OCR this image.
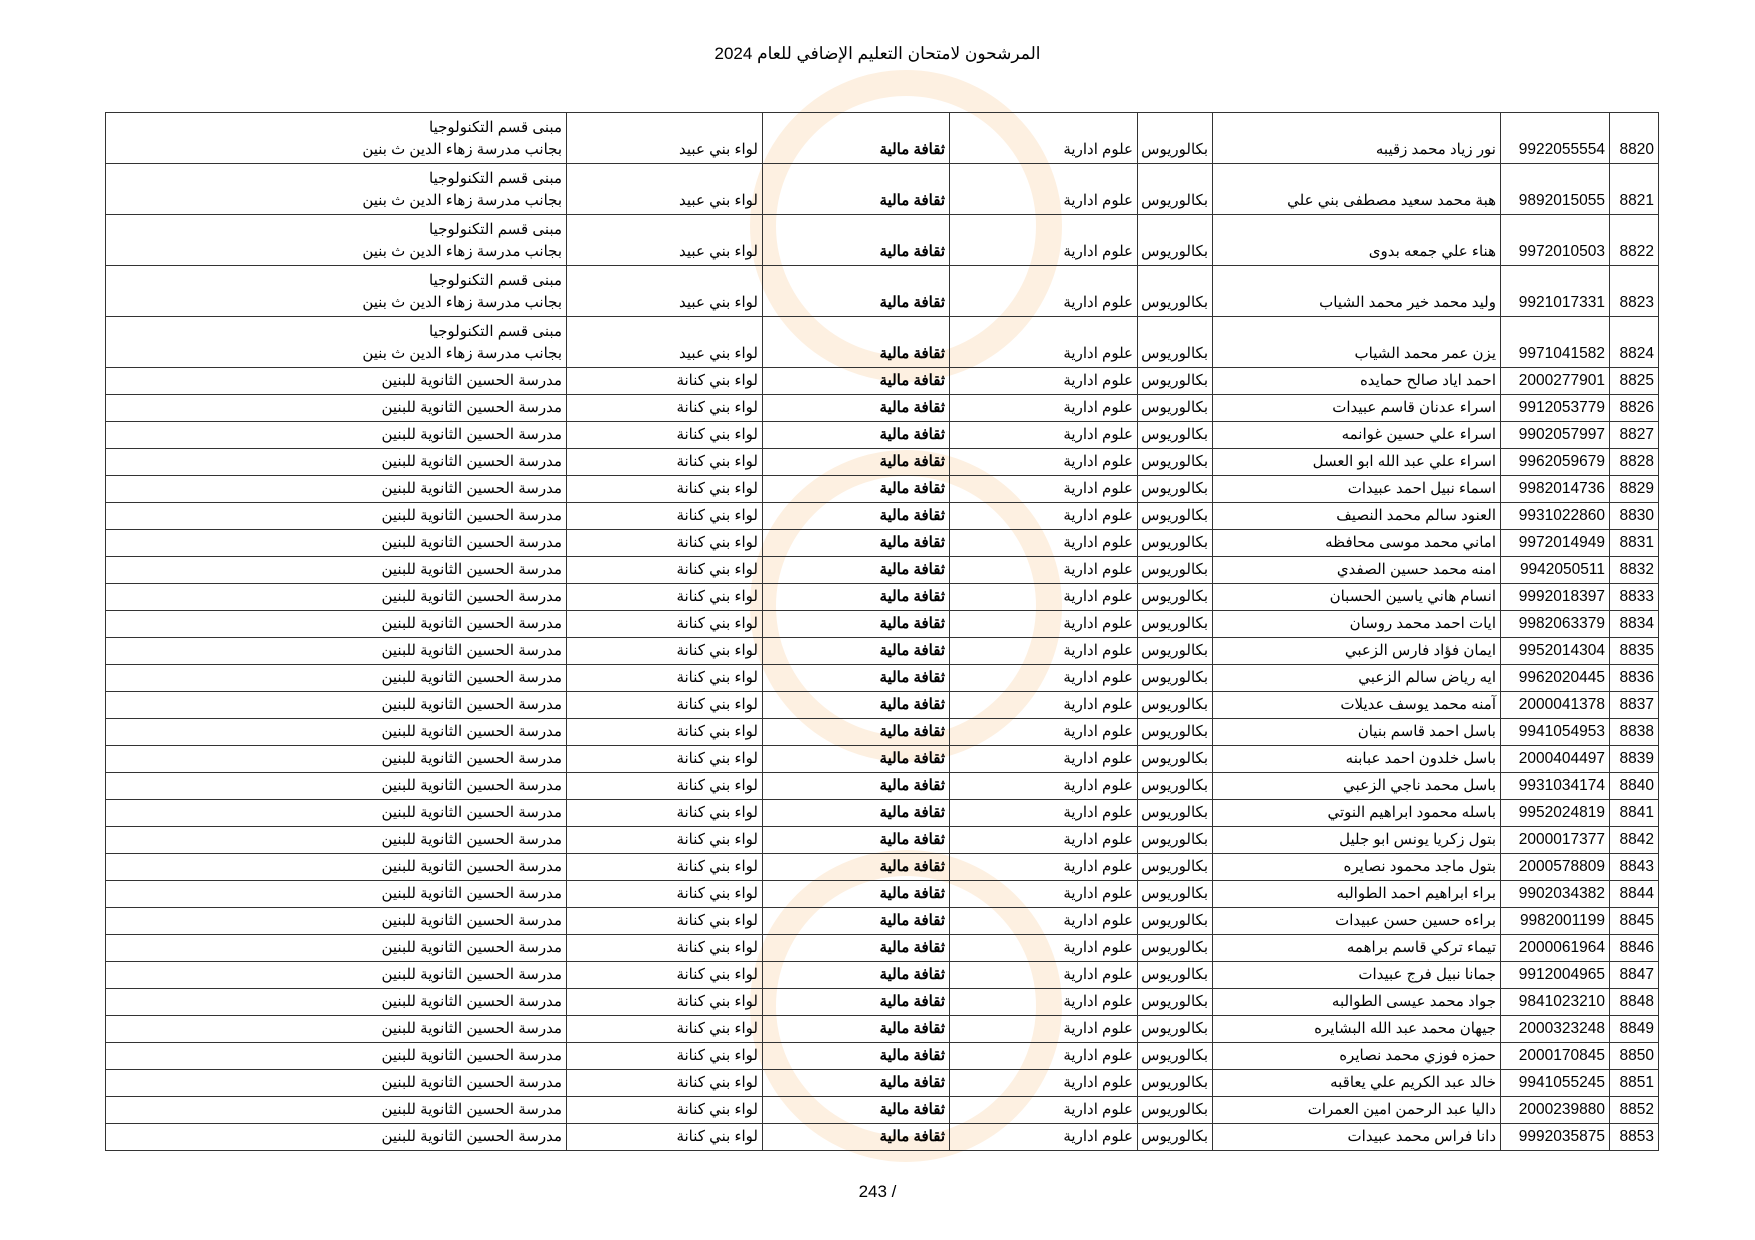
المرشحون لامتحان التعليم الإضافي للعام 2024
8820	9922055554	نور زياد محمد زقيبه	بكالوريوس	علوم ادارية	ثقافة مالية	لواء بني عبيد	مبنى قسم التكنولوجيا
بجانب مدرسة زهاء الدين ث بنين

8821	9892015055	هبة محمد سعيد مصطفى بني علي	بكالوريوس	علوم ادارية	ثقافة مالية	لواء بني عبيد	مبنى قسم التكنولوجيا
بجانب مدرسة زهاء الدين ث بنين

8822	9972010503	هناء علي جمعه بدوى	بكالوريوس	علوم ادارية	ثقافة مالية	لواء بني عبيد	مبنى قسم التكنولوجيا
بجانب مدرسة زهاء الدين ث بنين

8823	9921017331	وليد محمد خير محمد الشياب	بكالوريوس	علوم ادارية	ثقافة مالية	لواء بني عبيد	مبنى قسم التكنولوجيا
بجانب مدرسة زهاء الدين ث بنين

8824	9971041582	يزن عمر محمد الشياب	بكالوريوس	علوم ادارية	ثقافة مالية	لواء بني عبيد	مبنى قسم التكنولوجيا
بجانب مدرسة زهاء الدين ث بنين

8825	2000277901	احمد اياد صالح حمايده	بكالوريوس	علوم ادارية	ثقافة مالية	لواء بني كنانة	مدرسة الحسين الثانوية للبنين

8826	9912053779	اسراء عدنان قاسم عبيدات	بكالوريوس	علوم ادارية	ثقافة مالية	لواء بني كنانة	مدرسة الحسين الثانوية للبنين

8827	9902057997	اسراء علي حسين غوانمه	بكالوريوس	علوم ادارية	ثقافة مالية	لواء بني كنانة	مدرسة الحسين الثانوية للبنين

8828	9962059679	اسراء علي عبد الله ابو العسل	بكالوريوس	علوم ادارية	ثقافة مالية	لواء بني كنانة	مدرسة الحسين الثانوية للبنين

8829	9982014736	اسماء نبيل احمد عبيدات	بكالوريوس	علوم ادارية	ثقافة مالية	لواء بني كنانة	مدرسة الحسين الثانوية للبنين

8830	9931022860	العنود سالم محمد النصيف	بكالوريوس	علوم ادارية	ثقافة مالية	لواء بني كنانة	مدرسة الحسين الثانوية للبنين

8831	9972014949	اماني محمد موسى محافظه	بكالوريوس	علوم ادارية	ثقافة مالية	لواء بني كنانة	مدرسة الحسين الثانوية للبنين

8832	9942050511	امنه محمد حسين الصفدي	بكالوريوس	علوم ادارية	ثقافة مالية	لواء بني كنانة	مدرسة الحسين الثانوية للبنين

8833	9992018397	انسام هاني ياسين الحسبان	بكالوريوس	علوم ادارية	ثقافة مالية	لواء بني كنانة	مدرسة الحسين الثانوية للبنين

8834	9982063379	ايات احمد محمد روسان	بكالوريوس	علوم ادارية	ثقافة مالية	لواء بني كنانة	مدرسة الحسين الثانوية للبنين

8835	9952014304	ايمان فؤاد فارس الزعبي	بكالوريوس	علوم ادارية	ثقافة مالية	لواء بني كنانة	مدرسة الحسين الثانوية للبنين

8836	9962020445	ايه رياض سالم الزعبي	بكالوريوس	علوم ادارية	ثقافة مالية	لواء بني كنانة	مدرسة الحسين الثانوية للبنين

8837	2000041378	آمنه محمد يوسف عديلات	بكالوريوس	علوم ادارية	ثقافة مالية	لواء بني كنانة	مدرسة الحسين الثانوية للبنين

8838	9941054953	باسل احمد قاسم بنيان	بكالوريوس	علوم ادارية	ثقافة مالية	لواء بني كنانة	مدرسة الحسين الثانوية للبنين

8839	2000404497	باسل خلدون احمد عبابنه	بكالوريوس	علوم ادارية	ثقافة مالية	لواء بني كنانة	مدرسة الحسين الثانوية للبنين

8840	9931034174	باسل محمد ناجي الزعبي	بكالوريوس	علوم ادارية	ثقافة مالية	لواء بني كنانة	مدرسة الحسين الثانوية للبنين

8841	9952024819	باسله محمود ابراهيم النوتي	بكالوريوس	علوم ادارية	ثقافة مالية	لواء بني كنانة	مدرسة الحسين الثانوية للبنين

8842	2000017377	بتول زكريا يونس ابو جليل	بكالوريوس	علوم ادارية	ثقافة مالية	لواء بني كنانة	مدرسة الحسين الثانوية للبنين

8843	2000578809	بتول ماجد محمود نصايره	بكالوريوس	علوم ادارية	ثقافة مالية	لواء بني كنانة	مدرسة الحسين الثانوية للبنين

8844	9902034382	براء ابراهيم احمد الطوالبه	بكالوريوس	علوم ادارية	ثقافة مالية	لواء بني كنانة	مدرسة الحسين الثانوية للبنين

8845	9982001199	براءه حسين حسن عبيدات	بكالوريوس	علوم ادارية	ثقافة مالية	لواء بني كنانة	مدرسة الحسين الثانوية للبنين

8846	2000061964	تيماء تركي قاسم براهمه	بكالوريوس	علوم ادارية	ثقافة مالية	لواء بني كنانة	مدرسة الحسين الثانوية للبنين

8847	9912004965	جمانا نبيل فرج عبيدات	بكالوريوس	علوم ادارية	ثقافة مالية	لواء بني كنانة	مدرسة الحسين الثانوية للبنين

8848	9841023210	جواد محمد عيسى الطوالبه	بكالوريوس	علوم ادارية	ثقافة مالية	لواء بني كنانة	مدرسة الحسين الثانوية للبنين

8849	2000323248	جيهان محمد عبد الله البشايره	بكالوريوس	علوم ادارية	ثقافة مالية	لواء بني كنانة	مدرسة الحسين الثانوية للبنين

8850	2000170845	حمزه فوزي محمد نصايره	بكالوريوس	علوم ادارية	ثقافة مالية	لواء بني كنانة	مدرسة الحسين الثانوية للبنين

8851	9941055245	خالد عبد الكريم علي يعاقبه	بكالوريوس	علوم ادارية	ثقافة مالية	لواء بني كنانة	مدرسة الحسين الثانوية للبنين

8852	2000239880	داليا عبد الرحمن امين العمرات	بكالوريوس	علوم ادارية	ثقافة مالية	لواء بني كنانة	مدرسة الحسين الثانوية للبنين

8853	9992035875	دانا فراس محمد عبيدات	بكالوريوس	علوم ادارية	ثقافة مالية	لواء بني كنانة	مدرسة الحسين الثانوية للبنين
243 /
